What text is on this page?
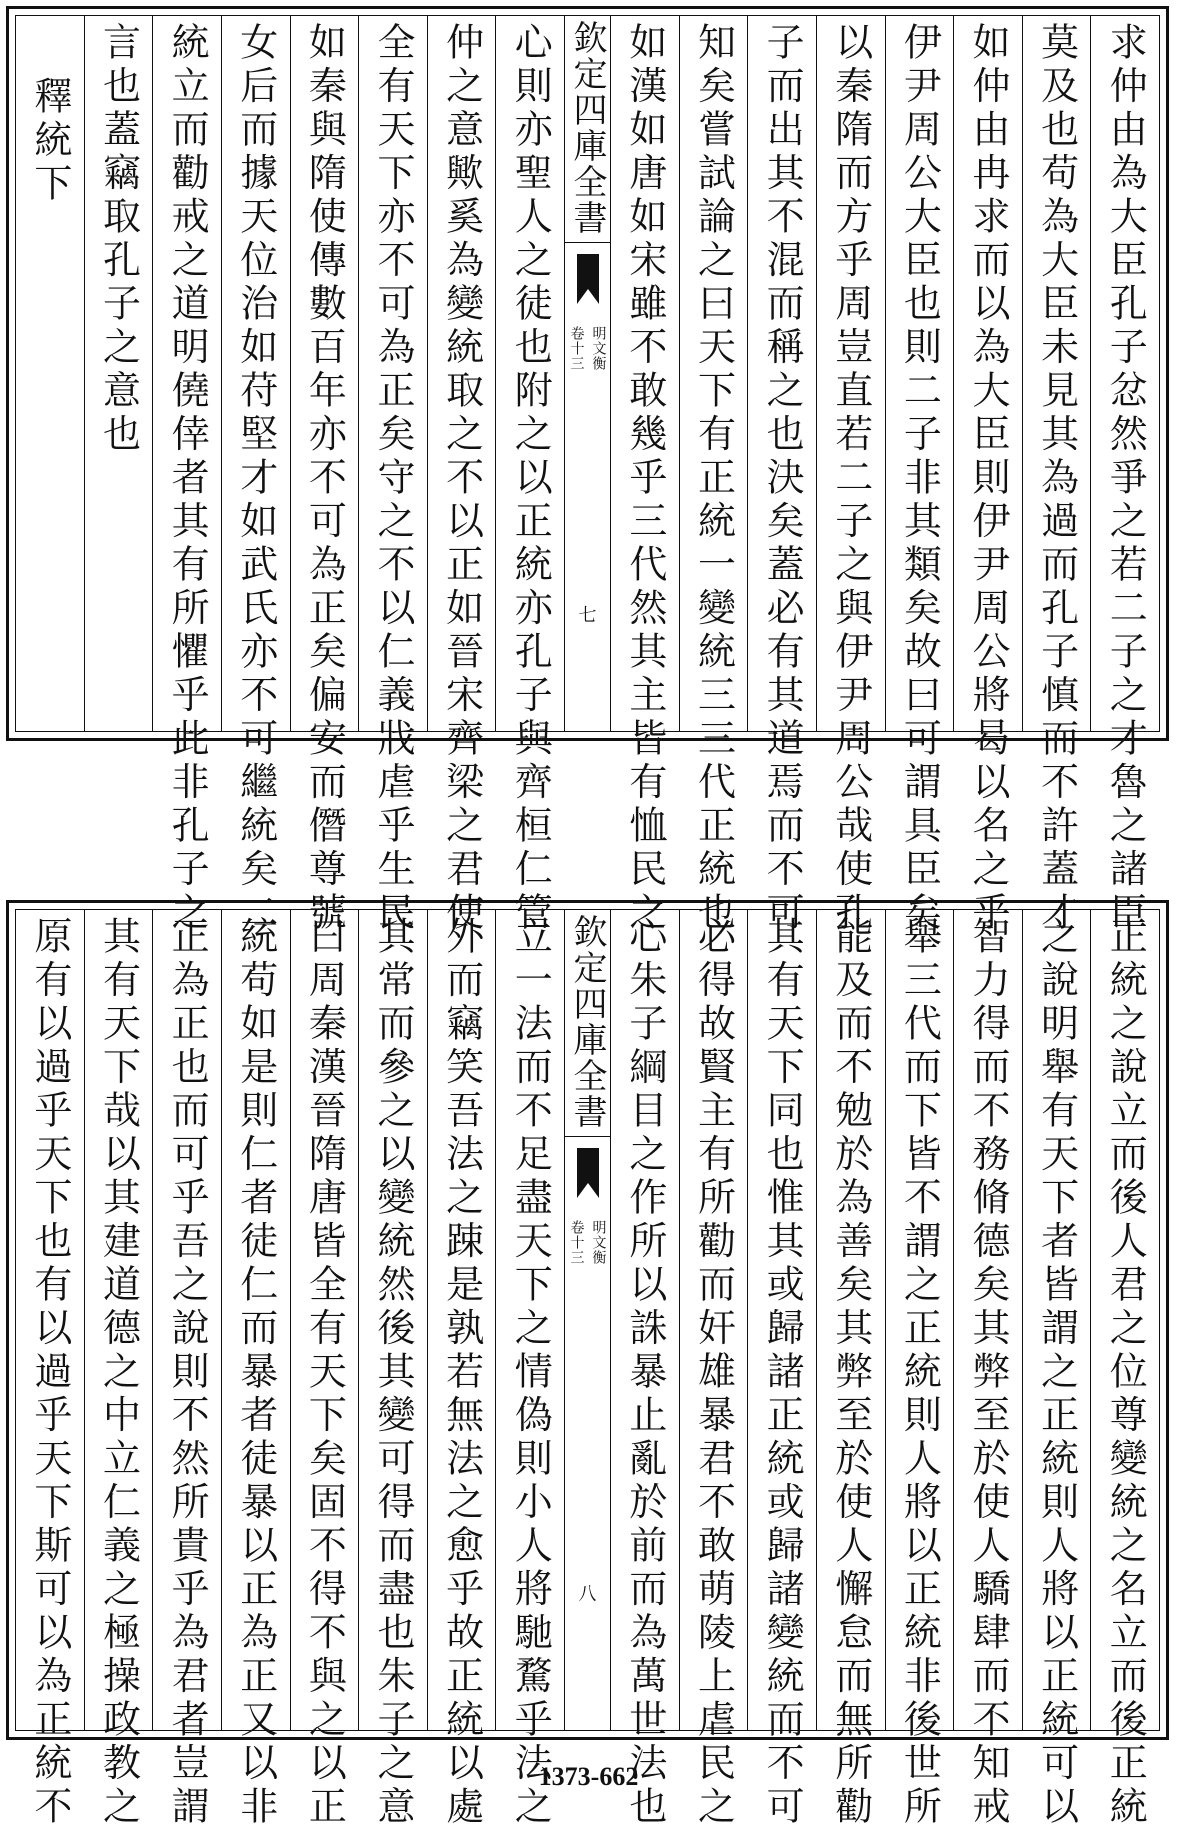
求仲由為大臣孔子忿然爭之若二子之才魯之諸臣
莫及也苟為大臣未見其為過而孔子慎而不許蓋才
如仲由冉求而以為大臣則伊尹周公將曷以名之乎
伊尹周公大臣也則二子非其類矣故曰可謂具臣矣
以秦隋而方乎周豈直若二子之與伊尹周公哉使孔
子而出其不混而稱之也決矣蓋必有其道焉而不可
知矣嘗試論之曰天下有正統一變統三三代正統也
如漢如唐如宋雖不敢幾乎三代然其主皆有恤民之
欽定四庫全書
明文衡
卷十三
七
心則亦聖人之徒也附之以正統亦孔子與齊桓仁管
仲之意歟奚為變統取之不以正如晉宋齊梁之君使
全有天下亦不可為正矣守之不以仁義戕虐乎生民
如秦與隋使傳數百年亦不可為正矣偏安而僭尊號
女后而據天位治如苻堅才如武氏亦不可繼統矣二
統立而勸戒之道明僥倖者其有所懼乎此非孔子之
言也蓋竊取孔子之意也
釋統下
正統之說立而後人君之位尊變統之名立而後正統
之說明舉有天下者皆謂之正統則人將以正統可以
智力得而不務脩德矣其弊至於使人驕肆而不知戒
舉三代而下皆不謂之正統則人將以正統非後世所
能及而不勉於為善矣其弊至於使人懈怠而無所勸
其有天下同也惟其或歸諸正統或歸諸變統而不可
必得故賢主有所勸而奸雄暴君不敢萌陵上虐民之
心朱子綱目之作所以誅暴止亂於前而為萬世法也
欽定四庫全書
明文衡
卷十三
八
立一法而不足盡天下之情偽則小人將馳騖乎法之
外而竊笑吾法之踈是孰若無法之愈乎故正統以處
其常而參之以變統然後其變可得而盡也朱子之意
曰周秦漢晉隋唐皆全有天下矣固不得不與之以正
統苟如是則仁者徒仁而暴者徒暴以正為正又以非
正為正也而可乎吾之說則不然所貴乎為君者豈謂
其有天下哉以其建道德之中立仁義之極操政教之
原有以過乎天下也有以過乎天下斯可以為正統不	1373-662
